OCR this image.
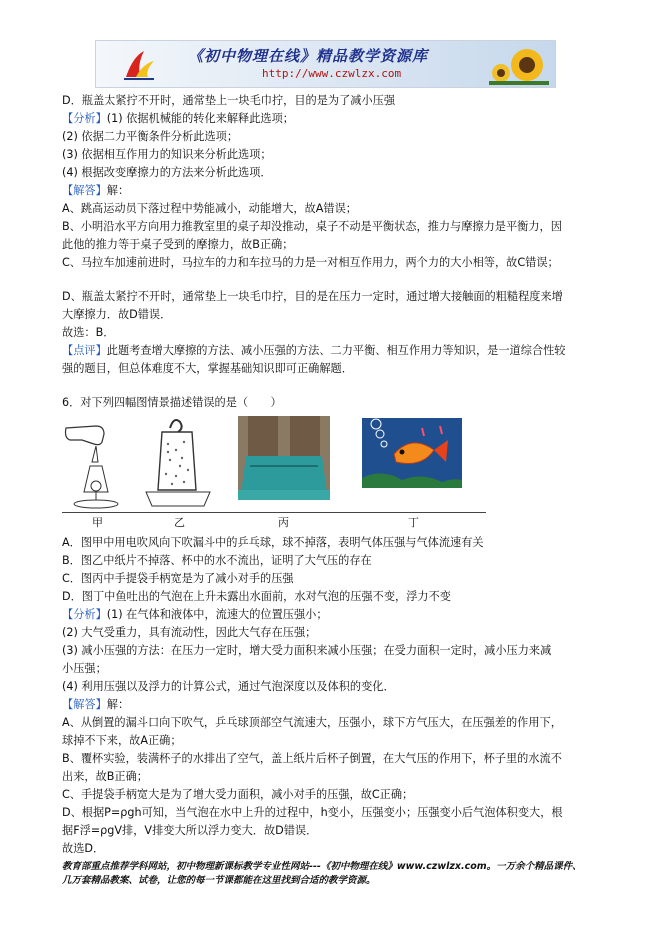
《初中物理在线》精品教学资源库
http://www.czwlzx.com

D．瓶盖太紧拧不开时，通常垫上一块毛巾拧，目的是为了减小压强

【分析】(1) 依据机械能的转化来解释此选项；

(2) 依据二力平衡条件分析此选项；

(3) 依据相互作用力的知识来分析此选项；

(4) 根据改变摩擦力的方法来分析此选项．

【解答】解：

A、跳高运动员下落过程中势能减小，动能增大，故A错误；

B、小明沿水平方向用力推教室里的桌子却没推动，桌子不动是平衡状态，推力与摩擦力是平衡力，因

此他的推力等于桌子受到的摩擦力，故B正确；

C、马拉车加速前进时，马拉车的力和车拉马的力是一对相互作用力，两个力的大小相等，故C错误；

D、瓶盖太紧拧不开时，通常垫上一块毛巾拧，目的是在压力一定时，通过增大接触面的粗糙程度来增

大摩擦力．故D错误．

故选：B．

【点评】此题考查增大摩擦的方法、减小压强的方法、二力平衡、相互作用力等知识，是一道综合性较

强的题目，但总体难度不大，掌握基础知识即可正确解题．

6．对下列四幅图情景描述错误的是（　　）

甲	乙	丙	丁

A．图甲中用电吹风向下吹漏斗中的乒乓球，球不掉落，表明气体压强与气体流速有关

B．图乙中纸片不掉落、杯中的水不流出，证明了大气压的存在

C．图丙中手提袋手柄宽是为了减小对手的压强

D．图丁中鱼吐出的气泡在上升未露出水面前，水对气泡的压强不变，浮力不变

【分析】(1) 在气体和液体中，流速大的位置压强小；

(2) 大气受重力，具有流动性，因此大气存在压强；

(3) 减小压强的方法：在压力一定时，增大受力面积来减小压强；在受力面积一定时，减小压力来减

小压强；

(4) 利用压强以及浮力的计算公式，通过气泡深度以及体积的变化．

【解答】解：

A、从倒置的漏斗口向下吹气，乒乓球顶部空气流速大，压强小，球下方气压大，在压强差的作用下，

球掉不下来，故A正确；

B、覆杯实验，装满杯子的水排出了空气，盖上纸片后杯子倒置，在大气压的作用下，杯子里的水流不

出来，故B正确；

C、手提袋手柄宽大是为了增大受力面积，减小对手的压强，故C正确；

D、根据P=ρgh可知，当气泡在水中上升的过程中，h变小，压强变小；压强变小后气泡体积变大，根

据F浮=ρgV排，V排变大所以浮力变大．故D错误．

故选D．

教育部重点推荐学科网站，初中物理新课标教学专业性网站---《初中物理在线》www.czwlzx.com。一万余个精品课件、
几万套精品教案、试卷，让您的每一节课都能在这里找到合适的教学资源。
